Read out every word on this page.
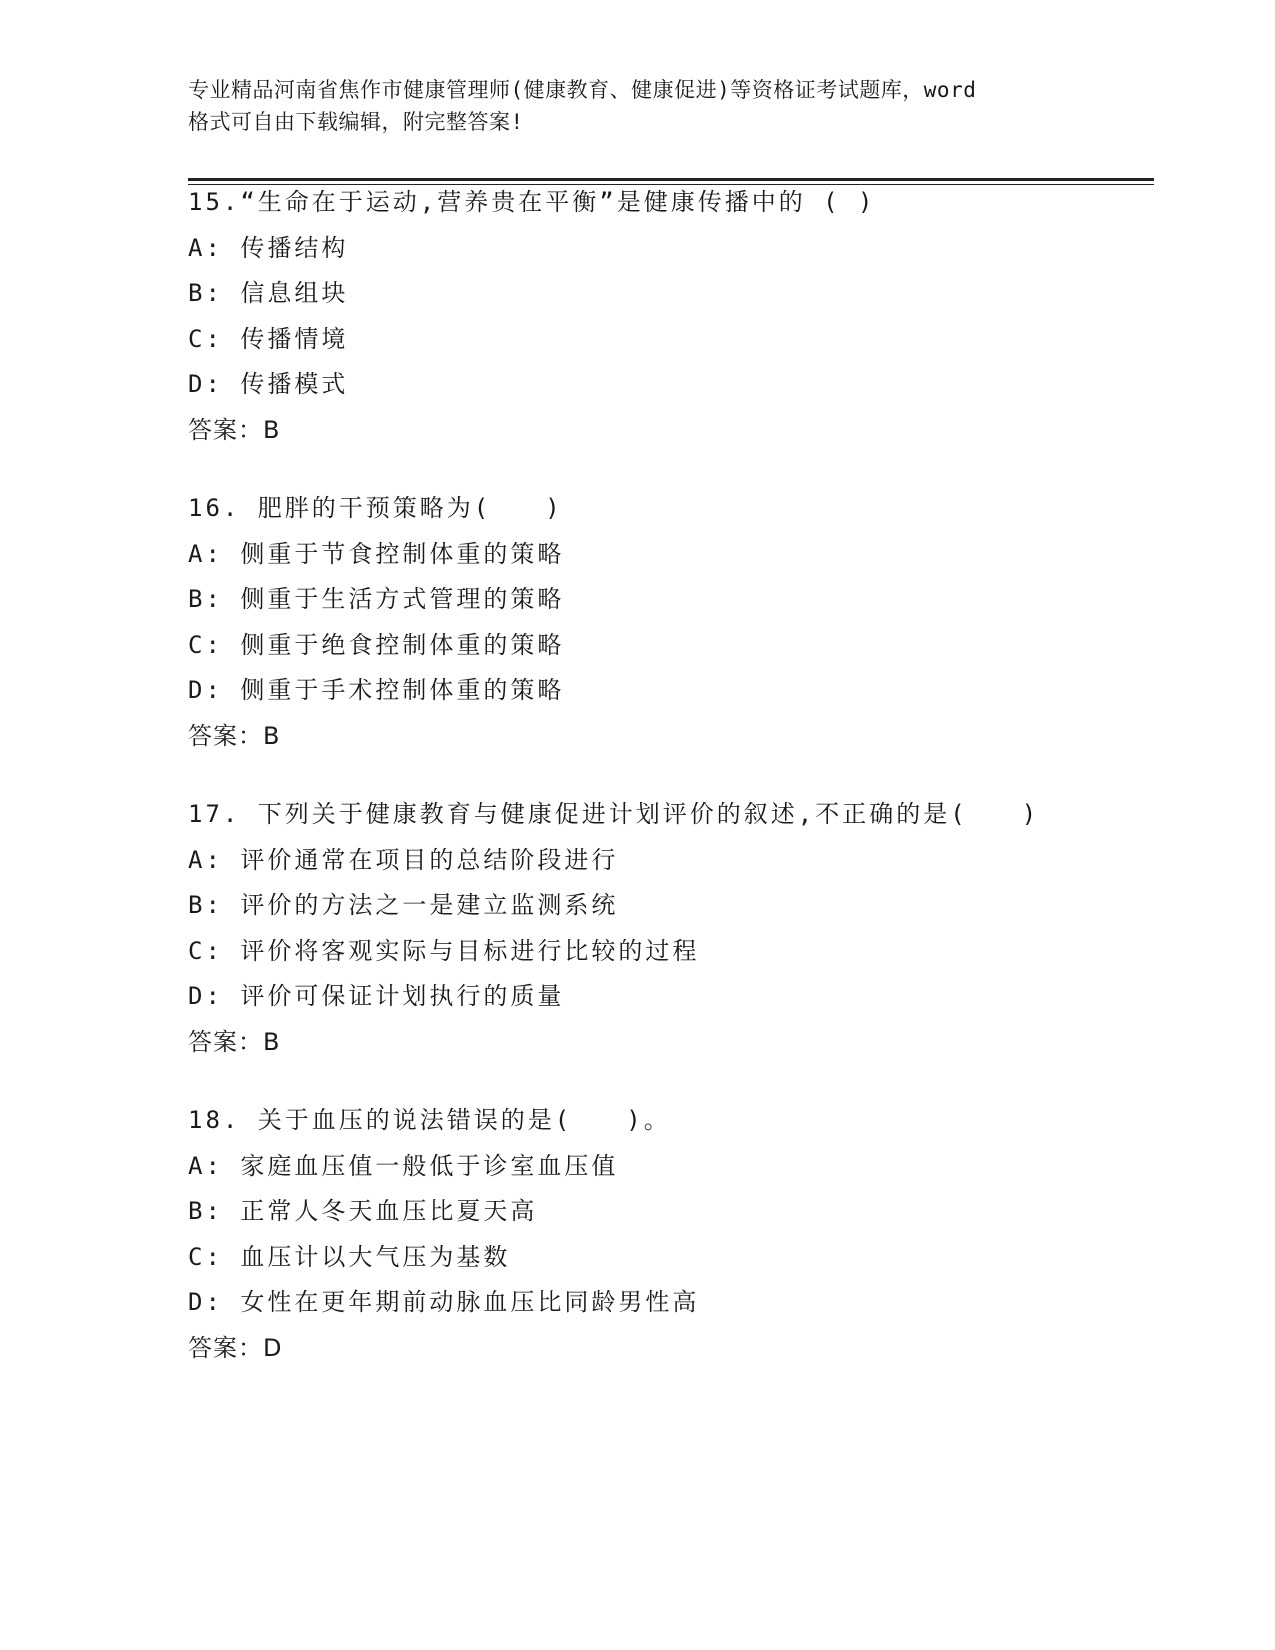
专业精品河南省焦作市健康管理师(健康教育、健康促进)等资格证考试题库，word

格式可自由下载编辑，附完整答案!

15.“生命在于运动,营养贵在平衡”是健康传播中的 ( )
A: 传播结构
B: 信息组块
C: 传播情境
D: 传播模式
答案：B
16. 肥胖的干预策略为(　　)
A: 侧重于节食控制体重的策略
B: 侧重于生活方式管理的策略
C: 侧重于绝食控制体重的策略
D: 侧重于手术控制体重的策略
答案：B
17. 下列关于健康教育与健康促进计划评价的叙述,不正确的是(　　)
A: 评价通常在项目的总结阶段进行
B: 评价的方法之一是建立监测系统
C: 评价将客观实际与目标进行比较的过程
D: 评价可保证计划执行的质量
答案：B
18. 关于血压的说法错误的是(　　)。
A: 家庭血压值一般低于诊室血压值
B: 正常人冬天血压比夏天高
C: 血压计以大气压为基数
D: 女性在更年期前动脉血压比同龄男性高
答案：D
